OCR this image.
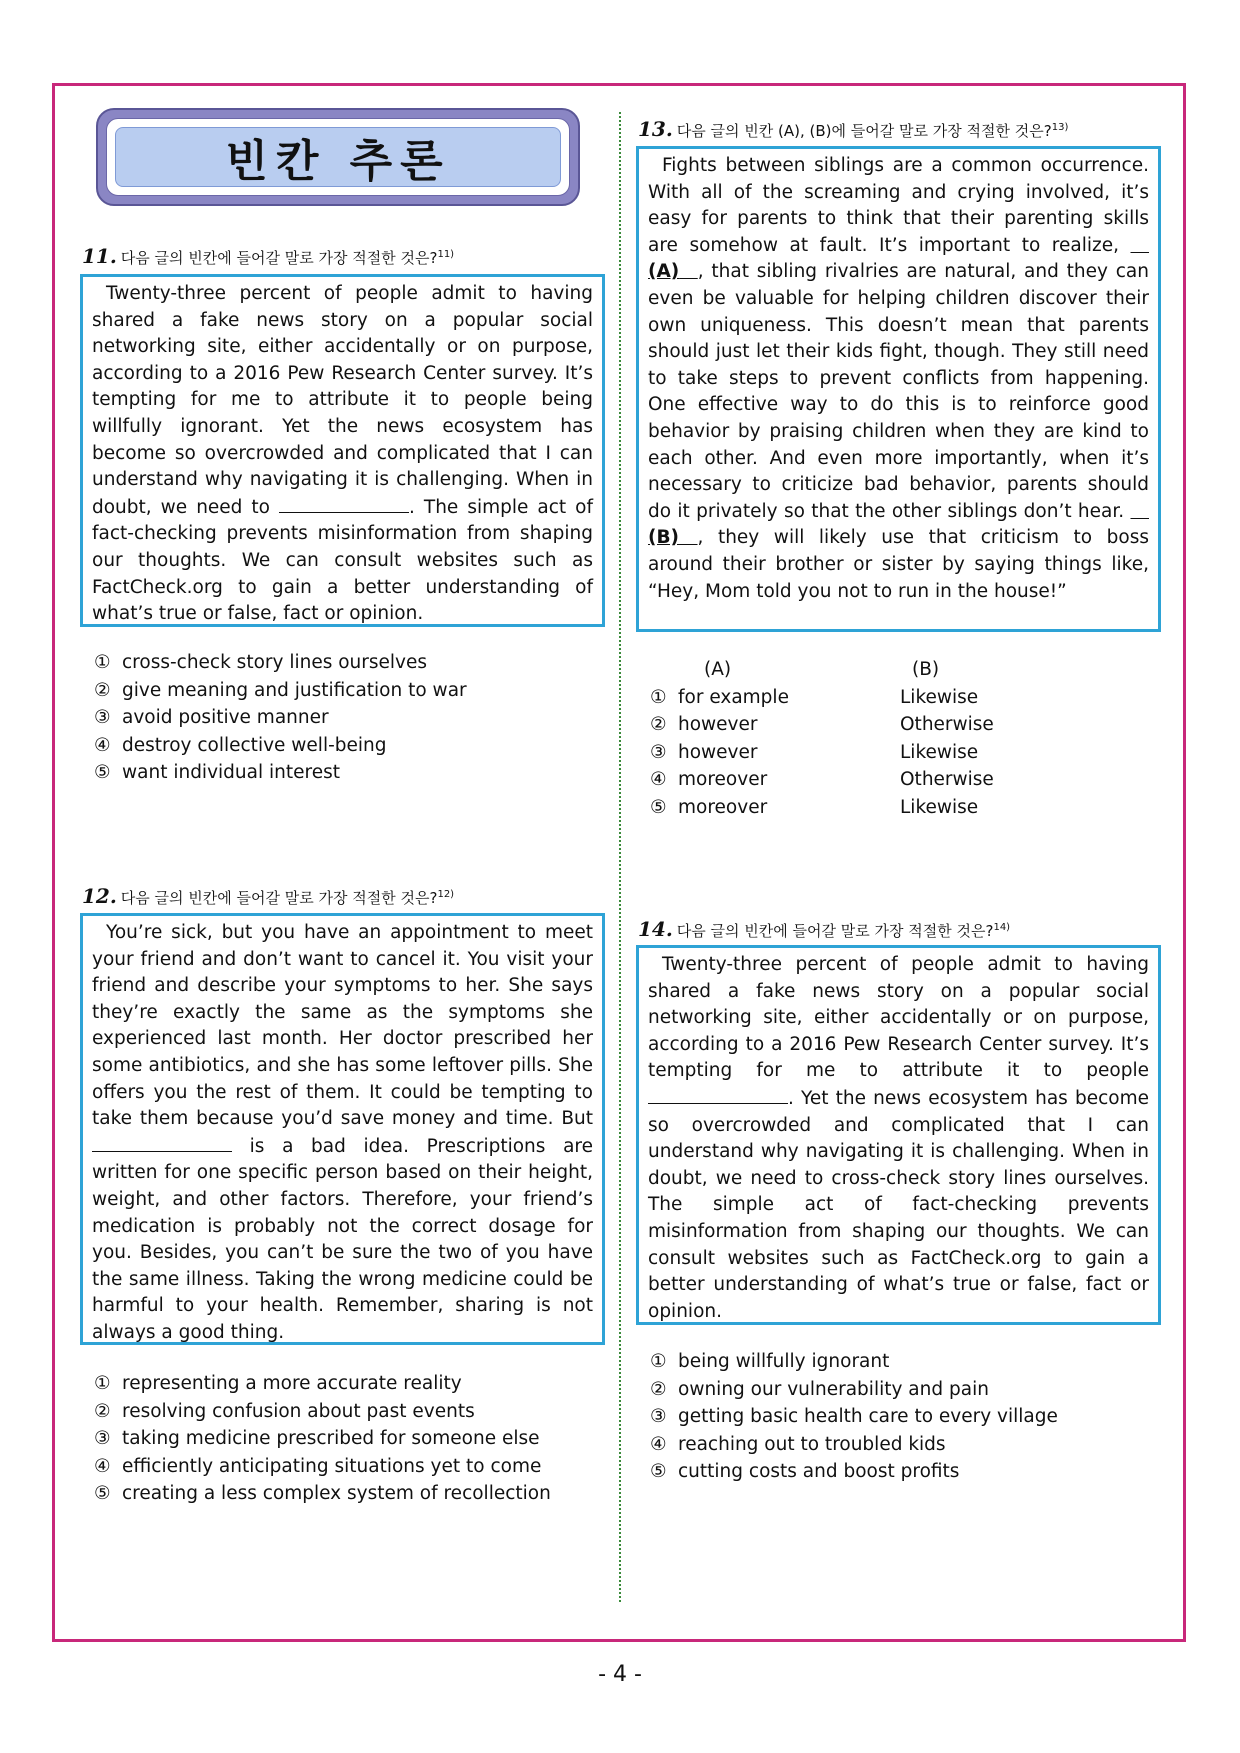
빈칸 추론
11. 다음 글의 빈칸에 들어갈 말로 가장 적절한 것은?$^{11)}$
Twenty-three percent of people admit to having shared a fake news story on a popular social networking site, either accidentally or on purpose, according to a 2016 Pew Research Center survey. It’s tempting for me to attribute it to people being willfully ignorant. Yet the news ecosystem has become so overcrowded and complicated that I can understand why navigating it is challenging. When in doubt, we need to	. The simple act of fact-checking prevents misinformation from shaping our thoughts. We can consult websites such as FactCheck.org to gain a better understanding of what’s true or false, fact or opinion.
① cross-check story lines ourselves
② give meaning and justification to war
③ avoid positive manner
④ destroy collective well-being
⑤ want individual interest
12. 다음 글의 빈칸에 들어갈 말로 가장 적절한 것은?$^{12)}$
You’re sick, but you have an appointment to meet your friend and don’t want to cancel it. You visit your friend and describe your symptoms to her. She says they’re exactly the same as the symptoms she experienced last month. Her doctor prescribed her some antibiotics, and she has some leftover pills. She offers you the rest of them. It could be tempting to take them because you’d save money and time. But  is a bad idea. Prescriptions are written for one specific person based on their height, weight, and other factors. Therefore, your friend’s medication is probably not the correct dosage for you. Besides, you can’t be sure the two of you have the same illness. Taking the wrong medicine could be harmful to your health. Remember, sharing is not always a good thing.
① representing a more accurate reality
② resolving confusion about past events
③ taking medicine prescribed for someone else
④ efficiently anticipating situations yet to come
⑤ creating a less complex system of recollection
13. 다음 글의 빈칸 (A), (B)에 들어갈 말로 가장 적절한 것은?$^{13)}$
Fights between siblings are a common occurrence. With all of the screaming and crying involved, it’s easy for parents to think that their parenting skills are somehow at fault. It’s important to realize,  (A)  , that sibling rivalries are natural, and they can even be valuable for helping children discover their own uniqueness. This doesn’t mean that parents should just let their kids fight, though. They still need to take steps to prevent conflicts from happening. One effective way to do this is to reinforce good behavior by praising children when they are kind to each other. And even more importantly, when it’s necessary to criticize bad behavior, parents should do it privately so that the other siblings don’t hear.  (B)  , they will likely use that criticism to boss around their brother or sister by saying things like, “Hey, Mom told you not to run in the house!”
(A)	(B)
① for example	Likewise
② however	Otherwise
③ however	Likewise
④ moreover	Otherwise
⑤ moreover	Likewise
14. 다음 글의 빈칸에 들어갈 말로 가장 적절한 것은?$^{14)}$
Twenty-three percent of people admit to having shared a fake news story on a popular social networking site, either accidentally or on purpose, according to a 2016 Pew Research Center survey. It’s tempting for me to attribute it to people . Yet the news ecosystem has become so overcrowded and complicated that I can understand why navigating it is challenging. When in doubt, we need to cross-check story lines ourselves. The simple act of fact-checking prevents misinformation from shaping our thoughts. We can consult websites such as FactCheck.org to gain a better understanding of what’s true or false, fact or opinion.
① being willfully ignorant
② owning our vulnerability and pain
③ getting basic health care to every village
④ reaching out to troubled kids
⑤ cutting costs and boost profits
- 4 -
